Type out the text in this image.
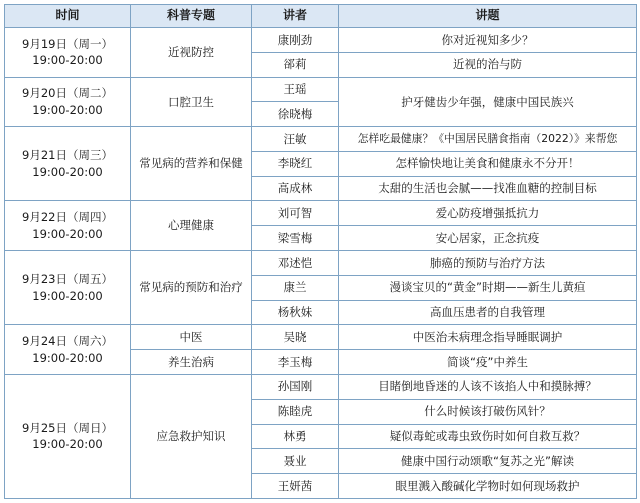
时间	科普专题	讲者	讲题

9月19日（周一）
19:00-20:00	近视防控	康刚劲	你对近视知多少？
		郤莉	近视的治与防

9月20日（周二）
19:00-20:00	口腔卫生	王瑶	护牙健齿少年强，健康中国民族兴
		徐晓梅	

9月21日（周三）
19:00-20:00	常见病的营养和保健	汪敏	怎样吃最健康？《中国居民膳食指南（2022）》来帮您
		李晓红	怎样愉快地让美食和健康永不分开！
		高成林	太甜的生活也会腻——找准血糖的控制目标

9月22日（周四）
19:00-20:00	心理健康	刘可智	爱心防疫增强抵抗力
		梁雪梅	安心居家，正念抗疫

9月23日（周五）
19:00-20:00	常见病的预防和治疗	邓述恺	肺癌的预防与治疗方法
		康兰	漫谈宝贝的“黄金”时期——新生儿黄疸
		杨秋妹	高血压患者的自我管理

9月24日（周六）
19:00-20:00	中医	吴晓	中医治未病理念指导睡眠调护
	养生治病	李玉梅	简谈“疫”中养生

9月25日（周日）
19:00-20:00	应急救护知识	孙国刚	目睹倒地昏迷的人该不该掐人中和摸脉搏？
		陈睦虎	什么时候该打破伤风针？
		林勇	疑似毒蛇或毒虫致伤时如何自救互救？
		聂业	健康中国行动颂歌“复苏之光”解读
		王妍茜	眼里溅入酸碱化学物时如何现场救护
